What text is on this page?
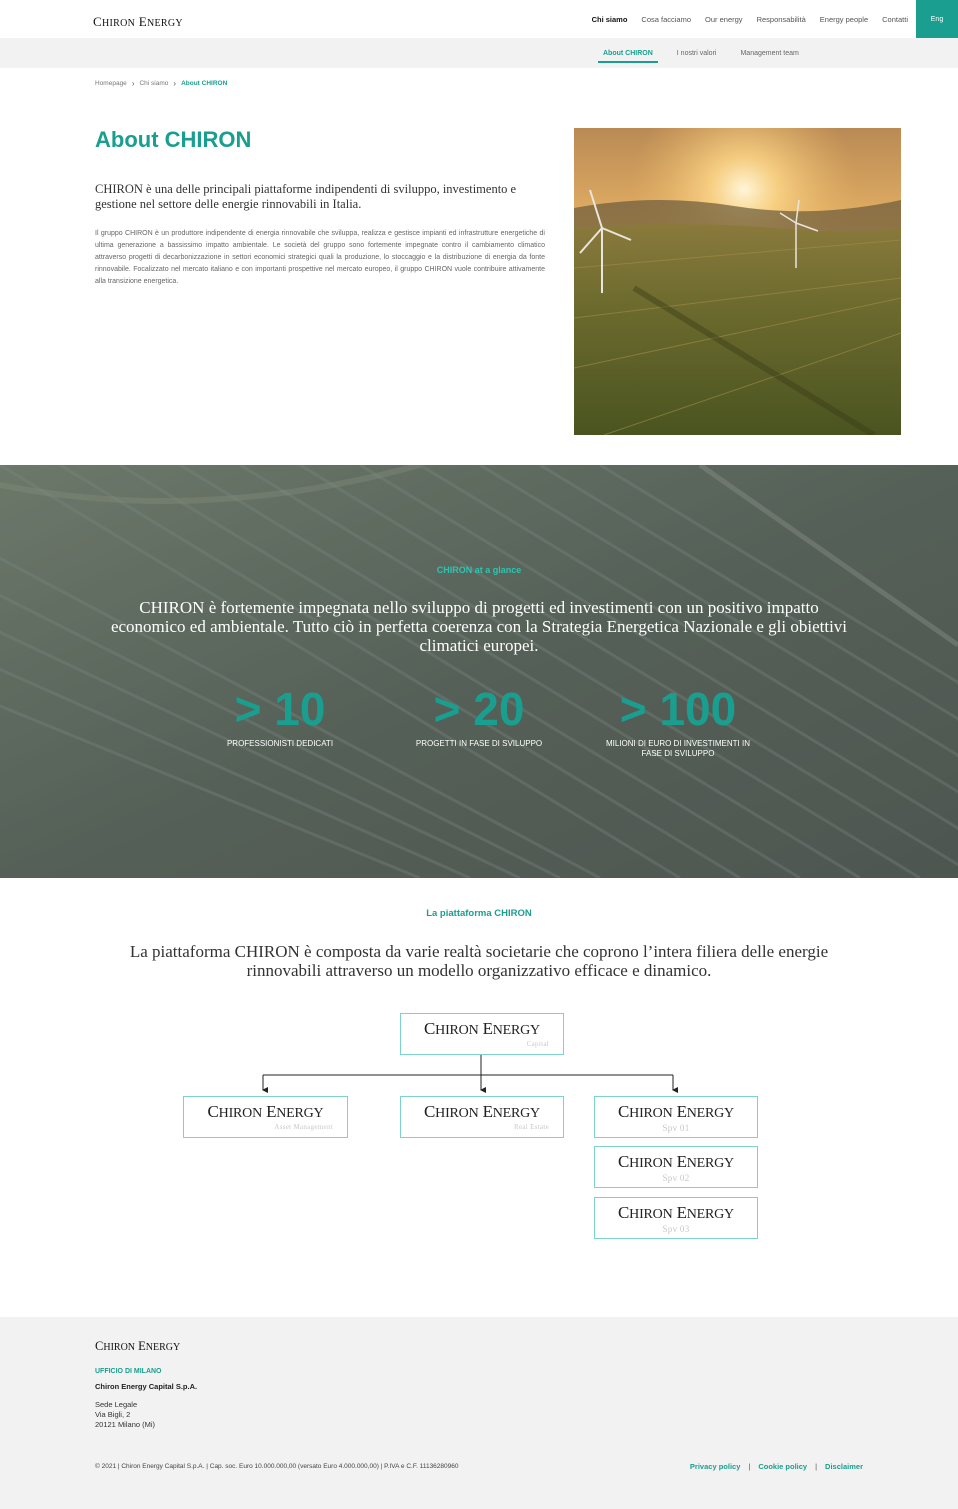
CHIRON ENERGY	Chi siamo Cosa facciamo Our energy Responsabilità Energy people Contatti	Eng
About CHIRON	I nostri valori	Management team
Homepage › Chi siamo › About CHIRON
About CHIRON

CHIRON è una delle principali piattaforme indipendenti di sviluppo, investimento e gestione nel settore delle energie rinnovabili in Italia.

Il gruppo CHIRON è un produttore indipendente di energia rinnovabile che sviluppa, realizza e gestisce impianti ed infrastrutture energetiche di ultima generazione a bassissimo impatto ambientale. Le società del gruppo sono fortemente impegnate contro il cambiamento climatico attraverso progetti di decarbonizzazione in settori economici strategici quali la produzione, lo stoccaggio e la distribuzione di energia da fonte rinnovabile. Focalizzato nel mercato italiano e con importanti prospettive nel mercato europeo, il gruppo CHIRON vuole contribuire attivamente alla transizione energetica.

CHIRON at a glance

CHIRON è fortemente impegnata nello sviluppo di progetti ed investimenti con un positivo impatto economico ed ambientale. Tutto ciò in perfetta coerenza con la Strategia Energetica Nazionale e gli obiettivi climatici europei.

> 10
PROFESSIONISTI DEDICATI
> 20
PROGETTI IN FASE DI SVILUPPO
> 100
MILIONI DI EURO DI INVESTIMENTI IN FASE DI SVILUPPO
La piattaforma CHIRON

La piattaforma CHIRON è composta da varie realtà societarie che coprono l’intera filiera delle energie rinnovabili attraverso un modello organizzativo efficace e dinamico.

CHIRON ENERGY
Capital
CHIRON ENERGY
Asset Management
CHIRON ENERGY
Real Estate
CHIRON ENERGY
Spv 01
CHIRON ENERGY
Spv 02
CHIRON ENERGY
Spv 03
CHIRON ENERGY
UFFICIO DI MILANO
Chiron Energy Capital S.p.A.
Sede Legale
Via Bigli, 2
20121 Milano (Mi)
© 2021 | Chiron Energy Capital S.p.A. | Cap. soc. Euro 10.000.000,00 (versato Euro 4.000.000,00) | P.IVA e C.F. 11136280960	Privacy policy | Cookie policy | Disclaimer
